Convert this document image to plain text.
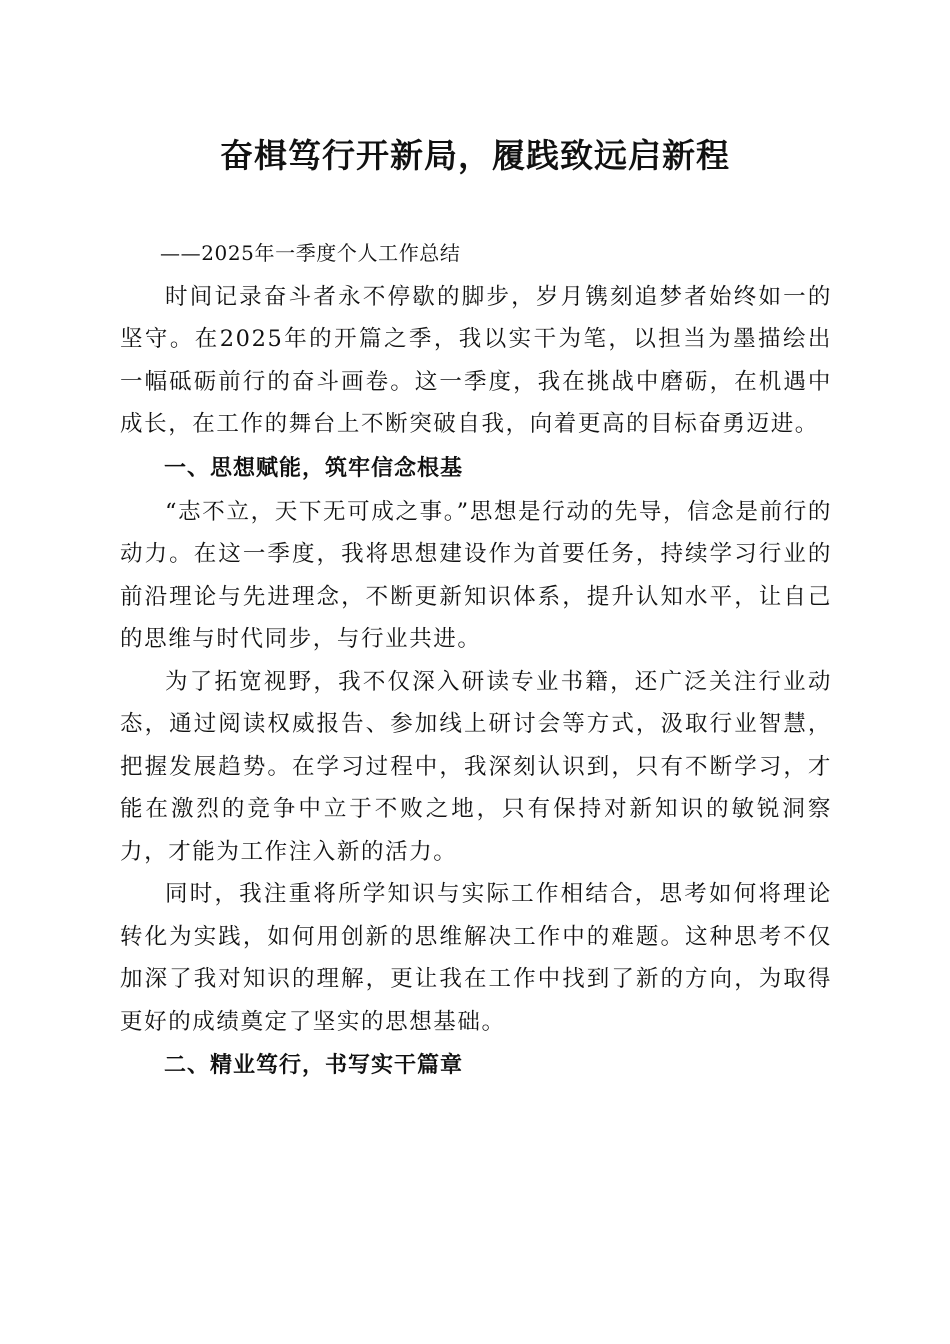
奋楫笃行开新局，履践致远启新程

——2025年一季度个人工作总结

时间记录奋斗者永不停歇的脚步，岁月镌刻追梦者始终如一的坚守。在2025年的开篇之季，我以实干为笔，以担当为墨描绘出一幅砥砺前行的奋斗画卷。这一季度，我在挑战中磨砺，在机遇中成长，在工作的舞台上不断突破自我，向着更高的目标奋勇迈进。

一、思想赋能，筑牢信念根基

“志不立，天下无可成之事。”思想是行动的先导，信念是前行的动力。在这一季度，我将思想建设作为首要任务，持续学习行业的前沿理论与先进理念，不断更新知识体系，提升认知水平，让自己的思维与时代同步，与行业共进。

为了拓宽视野，我不仅深入研读专业书籍，还广泛关注行业动态，通过阅读权威报告、参加线上研讨会等方式，汲取行业智慧，把握发展趋势。在学习过程中，我深刻认识到，只有不断学习，才能在激烈的竞争中立于不败之地，只有保持对新知识的敏锐洞察力，才能为工作注入新的活力。

同时，我注重将所学知识与实际工作相结合，思考如何将理论转化为实践，如何用创新的思维解决工作中的难题。这种思考不仅加深了我对知识的理解，更让我在工作中找到了新的方向，为取得更好的成绩奠定了坚实的思想基础。

二、精业笃行，书写实干篇章
